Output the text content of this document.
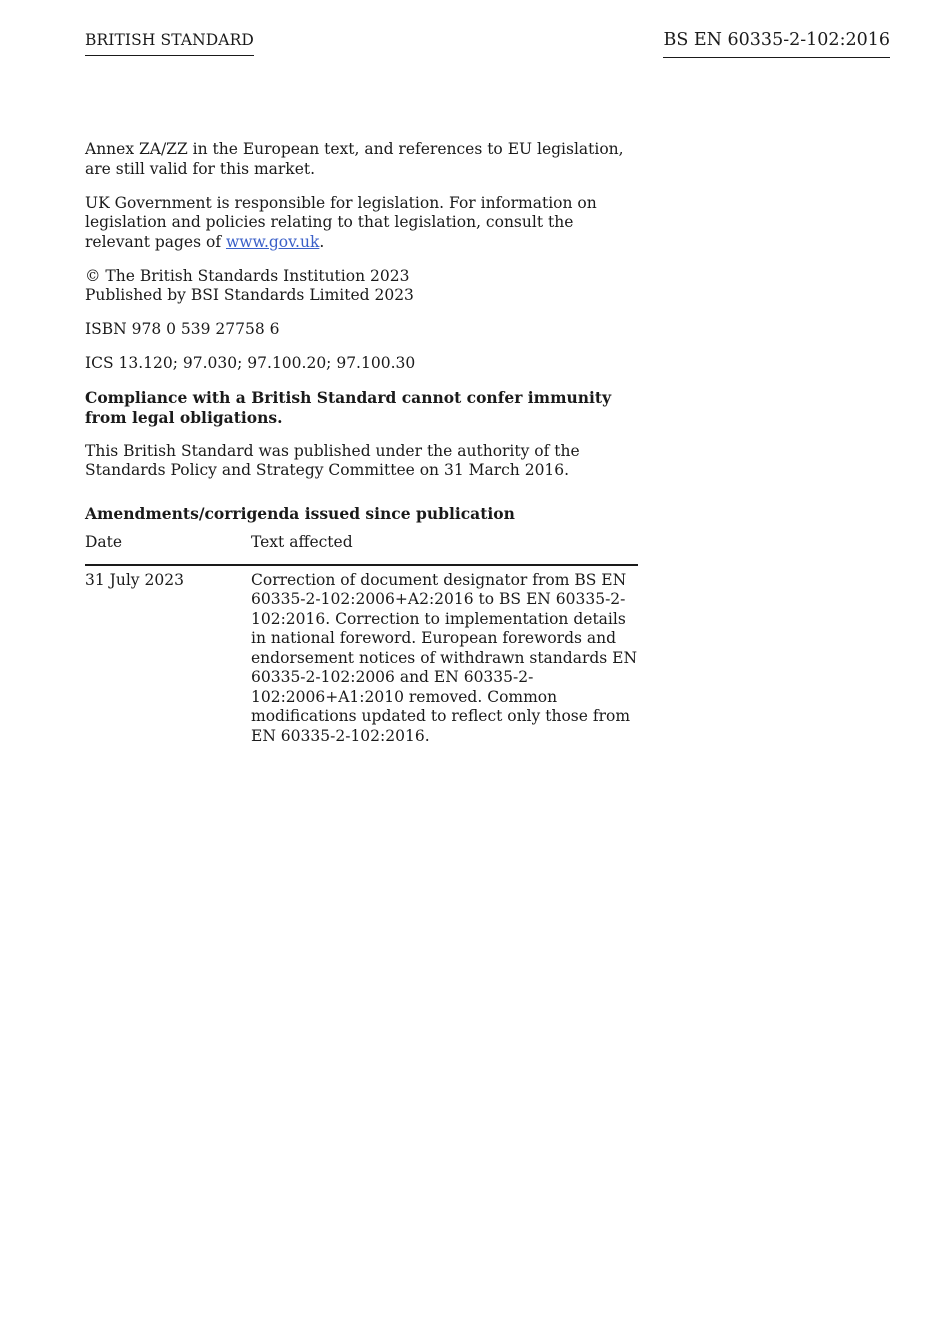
BRITISH STANDARD	BS EN 60335-2-102:2016

Annex ZA/ZZ in the European text, and references to EU legislation, are still valid for this market.

UK Government is responsible for legislation. For information on legislation and policies relating to that legislation, consult the relevant pages of www.gov.uk.

© The British Standards Institution 2023
Published by BSI Standards Limited 2023

ISBN 978 0 539 27758 6

ICS 13.120; 97.030; 97.100.20; 97.100.30

Compliance with a British Standard cannot confer immunity from legal obligations.

This British Standard was published under the authority of the Standards Policy and Strategy Committee on 31 March 2016.

Amendments/corrigenda issued since publication

Date	Text affected
31 July 2023	Correction of document designator from BS EN 60335-2-102:2006+A2:2016 to BS EN 60335-2-102:2016. Correction to implementation details in national foreword. European forewords and endorsement notices of withdrawn standards EN 60335-2-102:2006 and EN 60335-2-102:2006+A1:2010 removed. Common modifications updated to reflect only those from EN 60335-2-102:2016.
